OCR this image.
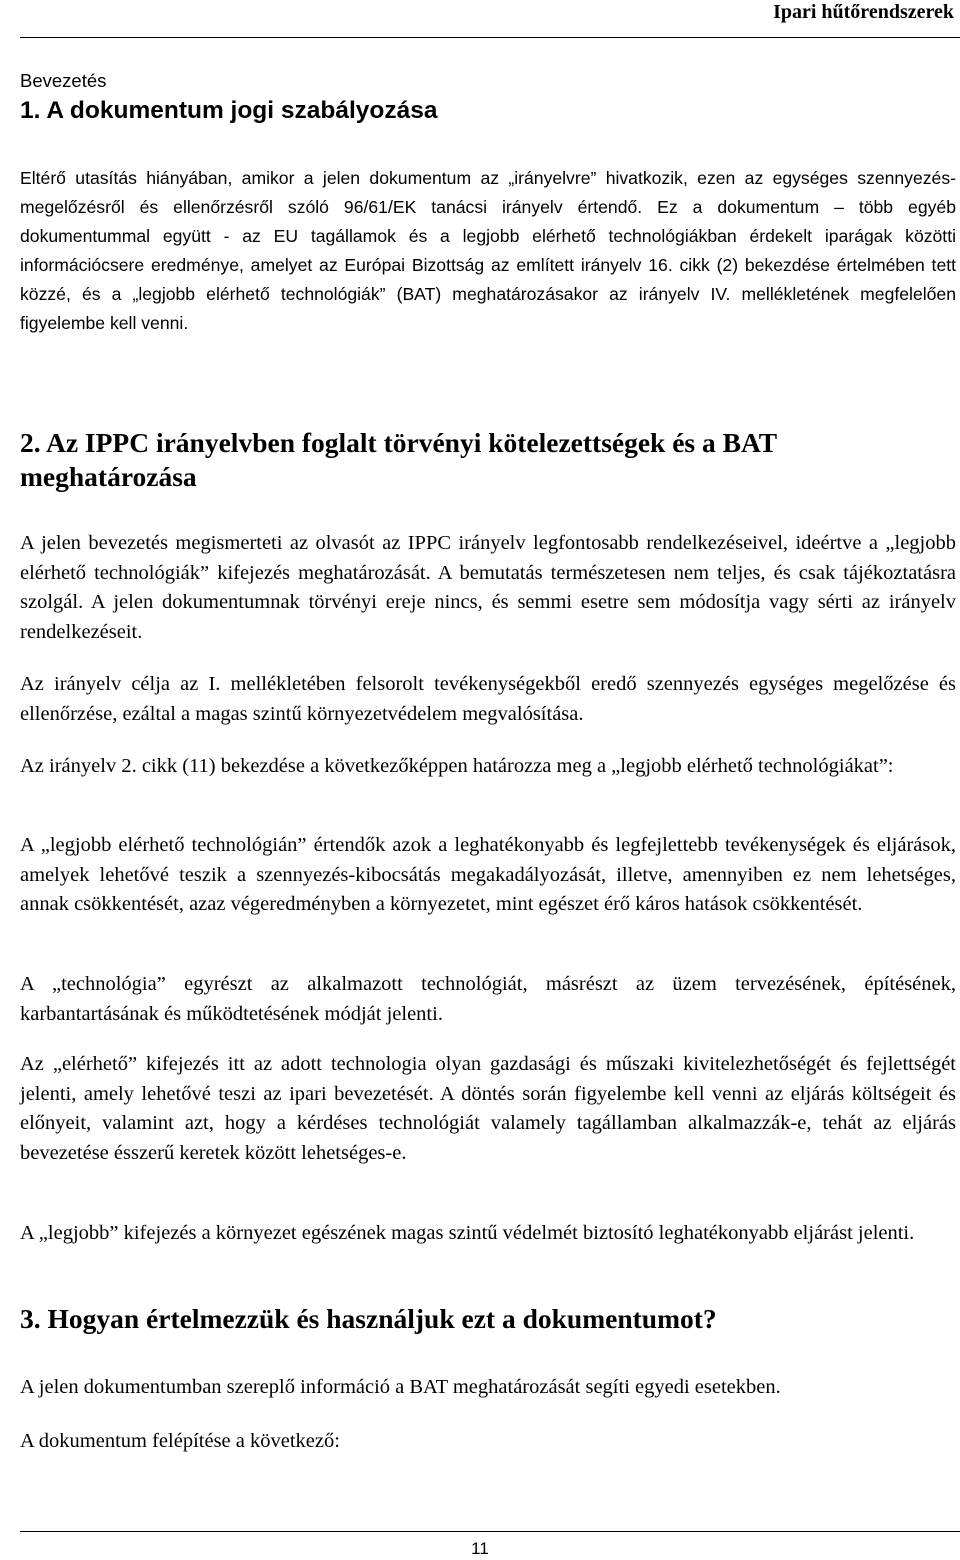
Ipari hűtőrendszerek
Bevezetés
1. A dokumentum jogi szabályozása

Eltérő utasítás hiányában, amikor a jelen dokumentum az „irányelvre” hivatkozik, ezen az egységes szennyezés-megelőzésről és ellenőrzésről szóló 96/61/EK tanácsi irányelv értendő. Ez a dokumentum – több egyéb dokumentummal együtt - az EU tagállamok és a legjobb elérhető technológiákban érdekelt iparágak közötti információcsere eredménye, amelyet az Európai Bizottság az említett irányelv 16. cikk (2) bekezdése értelmében tett közzé, és a „legjobb elérhető technológiák” (BAT) meghatározásakor az irányelv IV. mellékletének megfelelően figyelembe kell venni.

2. Az IPPC irányelvben foglalt törvényi kötelezettségek és a BAT meghatározása

A jelen bevezetés megismerteti az olvasót az IPPC irányelv legfontosabb rendelkezéseivel, ideértve a „legjobb elérhető technológiák” kifejezés meghatározását. A bemutatás természetesen nem teljes, és csak tájékoztatásra szolgál. A jelen dokumentumnak törvényi ereje nincs, és semmi esetre sem módosítja vagy sérti az irányelv rendelkezéseit.

Az irányelv célja az I. mellékletében felsorolt tevékenységekből eredő szennyezés egységes megelőzése és ellenőrzése, ezáltal a magas szintű környezetvédelem megvalósítása.

Az irányelv 2. cikk (11) bekezdése a következőképpen határozza meg a „legjobb elérhető technológiákat”:

A „legjobb elérhető technológián” értendők azok a leghatékonyabb és legfejlettebb tevékenységek és eljárások, amelyek lehetővé teszik a szennyezés-kibocsátás megakadályozását, illetve, amennyiben ez nem lehetséges, annak csökkentését, azaz végeredményben a környezetet, mint egészet érő káros hatások csökkentését.

A „technológia” egyrészt az alkalmazott technológiát, másrészt az üzem tervezésének, építésének, karbantartásának és működtetésének módját jelenti.

Az „elérhető” kifejezés itt az adott technologia olyan gazdasági és műszaki kivitelezhetőségét és fejlettségét jelenti, amely lehetővé teszi az ipari bevezetését. A döntés során figyelembe kell venni az eljárás költségeit és előnyeit, valamint azt, hogy a kérdéses technológiát valamely tagállamban alkalmazzák-e, tehát az eljárás bevezetése ésszerű keretek között lehetséges-e.

A „legjobb” kifejezés a környezet egészének magas szintű védelmét biztosító leghatékonyabb eljárást jelenti.

3. Hogyan értelmezzük és használjuk ezt a dokumentumot?

A jelen dokumentumban szereplő információ a BAT meghatározását segíti egyedi esetekben.

A dokumentum felépítése a következő:

11
